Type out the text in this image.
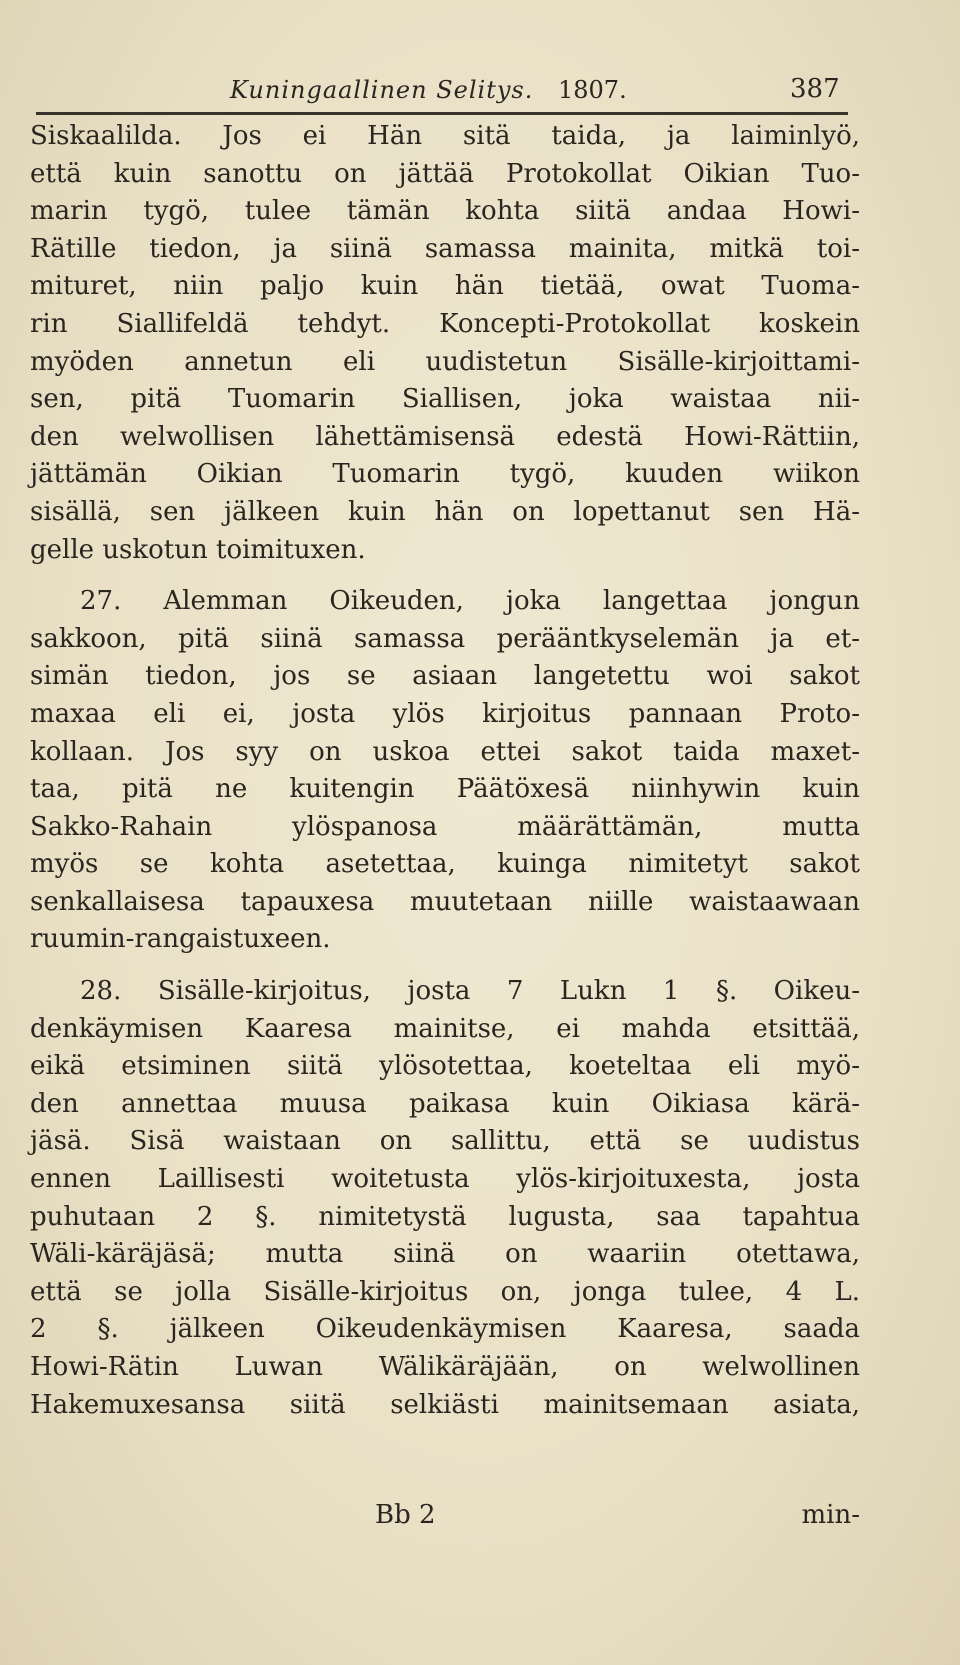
Kuningaallinen Selitys. 1807.	387
Siskaalilda. Jos ei Hän sitä taida, ja laiminlyö,
että kuin sanottu on jättää Protokollat Oikian Tuo-
marin tygö, tulee tämän kohta siitä andaa Howi-
Rätille tiedon, ja siinä samassa mainita, mitkä toi-
mituret, niin paljo kuin hän tietää, owat Tuoma-
rin Siallifeldä tehdyt. Koncepti-Protokollat koskein
myöden annetun eli uudistetun Sisälle-kirjoittami-
sen, pitä Tuomarin Siallisen, joka waistaa nii-
den welwollisen lähettämisensä edestä Howi-Rättiin,
jättämän Oikian Tuomarin tygö, kuuden wiikon
sisällä, sen jälkeen kuin hän on lopettanut sen Hä-
gelle uskotun toimituxen.
27. Alemman Oikeuden, joka langettaa jongun
sakkoon, pitä siinä samassa perääntkyselemän ja et-
simän tiedon, jos se asiaan langetettu woi sakot
maxaa eli ei, josta ylös kirjoitus pannaan Proto-
kollaan. Jos syy on uskoa ettei sakot taida maxet-
taa, pitä ne kuitengin Päätöxesä niinhywin kuin
Sakko-Rahain ylöspanosa määrättämän, mutta
myös se kohta asetettaa, kuinga nimitetyt sakot
senkallaisesa tapauxesa muutetaan niille waistaawaan
ruumin-rangaistuxeen.
28. Sisälle-kirjoitus, josta 7 Lukn 1 §. Oikeu-
denkäymisen Kaaresa mainitse, ei mahda etsittää,
eikä etsiminen siitä ylösotettaa, koeteltaa eli myö-
den annettaa muusa paikasa kuin Oikiasa kärä-
jäsä. Sisä waistaan on sallittu, että se uudistus
ennen Laillisesti woitetusta ylös-kirjoituxesta, josta
puhutaan 2 §. nimitetystä lugusta, saa tapahtua
Wäli-käräjäsä; mutta siinä on waariin otettawa,
että se jolla Sisälle-kirjoitus on, jonga tulee, 4 L.
2 §. jälkeen Oikeudenkäymisen Kaaresa, saada
Howi-Rätin Luwan Wälikäräjään, on welwollinen
Hakemuxesansa siitä selkiästi mainitsemaan asiata,
Bb 2	min-
